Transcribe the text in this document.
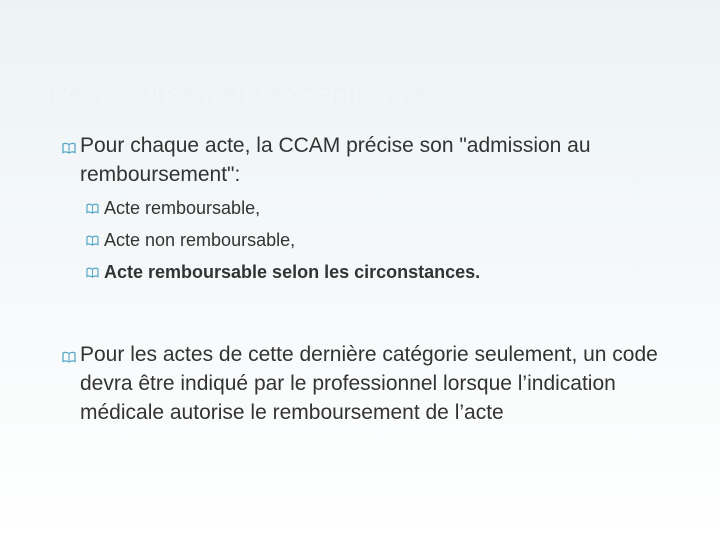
Remboursement exceptionnel
Pour chaque acte, la CCAM précise son "admission au remboursement":
Acte remboursable,
Acte non remboursable,
Acte remboursable selon les circonstances.
Pour les actes de cette dernière catégorie seulement, un code devra être indiqué par le professionnel lorsque l’indication médicale autorise le remboursement de l’acte
